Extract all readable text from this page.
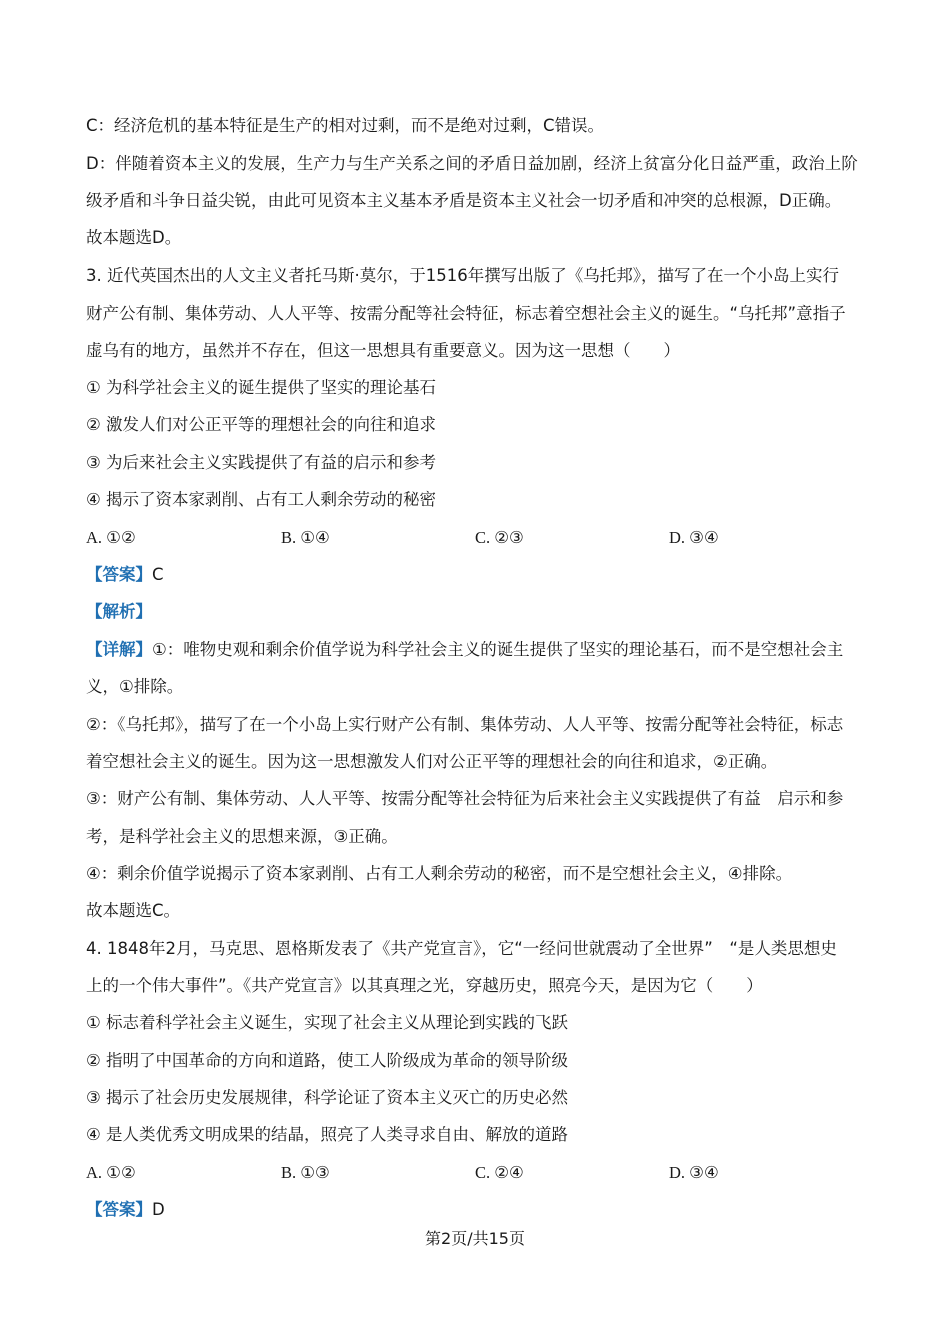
C：经济危机的基本特征是生产的相对过剩，而不是绝对过剩，C错误。
D：伴随着资本主义的发展，生产力与生产关系之间的矛盾日益加剧，经济上贫富分化日益严重，政治上阶
级矛盾和斗争日益尖锐，由此可见资本主义基本矛盾是资本主义社会一切矛盾和冲突的总根源，D正确。
故本题选D。
3. 近代英国杰出的人文主义者托马斯·莫尔，于1516年撰写出版了《乌托邦》，描写了在一个小岛上实行
财产公有制、集体劳动、人人平等、按需分配等社会特征，标志着空想社会主义的诞生。“乌托邦”意指子
虚乌有的地方，虽然并不存在，但这一思想具有重要意义。因为这一思想（　　）
① 为科学社会主义的诞生提供了坚实的理论基石
② 激发人们对公正平等的理想社会的向往和追求
③ 为后来社会主义实践提供了有益的启示和参考
④ 揭示了资本家剥削、占有工人剩余劳动的秘密
A. ①②	B. ①④	C. ②③	D. ③④
【答案】C
【解析】
【详解】①：唯物史观和剩余价值学说为科学社会主义的诞生提供了坚实的理论基石，而不是空想社会主
义，①排除。
②：《乌托邦》，描写了在一个小岛上实行财产公有制、集体劳动、人人平等、按需分配等社会特征，标志
着空想社会主义的诞生。因为这一思想激发人们对公正平等的理想社会的向往和追求，②正确。
③：财产公有制、集体劳动、人人平等、按需分配等社会特征为后来社会主义实践提供了有益　启示和参
考，是科学社会主义的思想来源，③正确。
④：剩余价值学说揭示了资本家剥削、占有工人剩余劳动的秘密，而不是空想社会主义，④排除。
故本题选C。
4. 1848年2月，马克思、恩格斯发表了《共产党宣言》，它“一经问世就震动了全世界”　“是人类思想史
上的一个伟大事件”。《共产党宣言》以其真理之光，穿越历史，照亮今天，是因为它（　　）
① 标志着科学社会主义诞生，实现了社会主义从理论到实践的飞跃
② 指明了中国革命的方向和道路，使工人阶级成为革命的领导阶级
③ 揭示了社会历史发展规律，科学论证了资本主义灭亡的历史必然
④ 是人类优秀文明成果的结晶，照亮了人类寻求自由、解放的道路
A. ①②	B. ①③	C. ②④	D. ③④
【答案】D
第2页/共15页
